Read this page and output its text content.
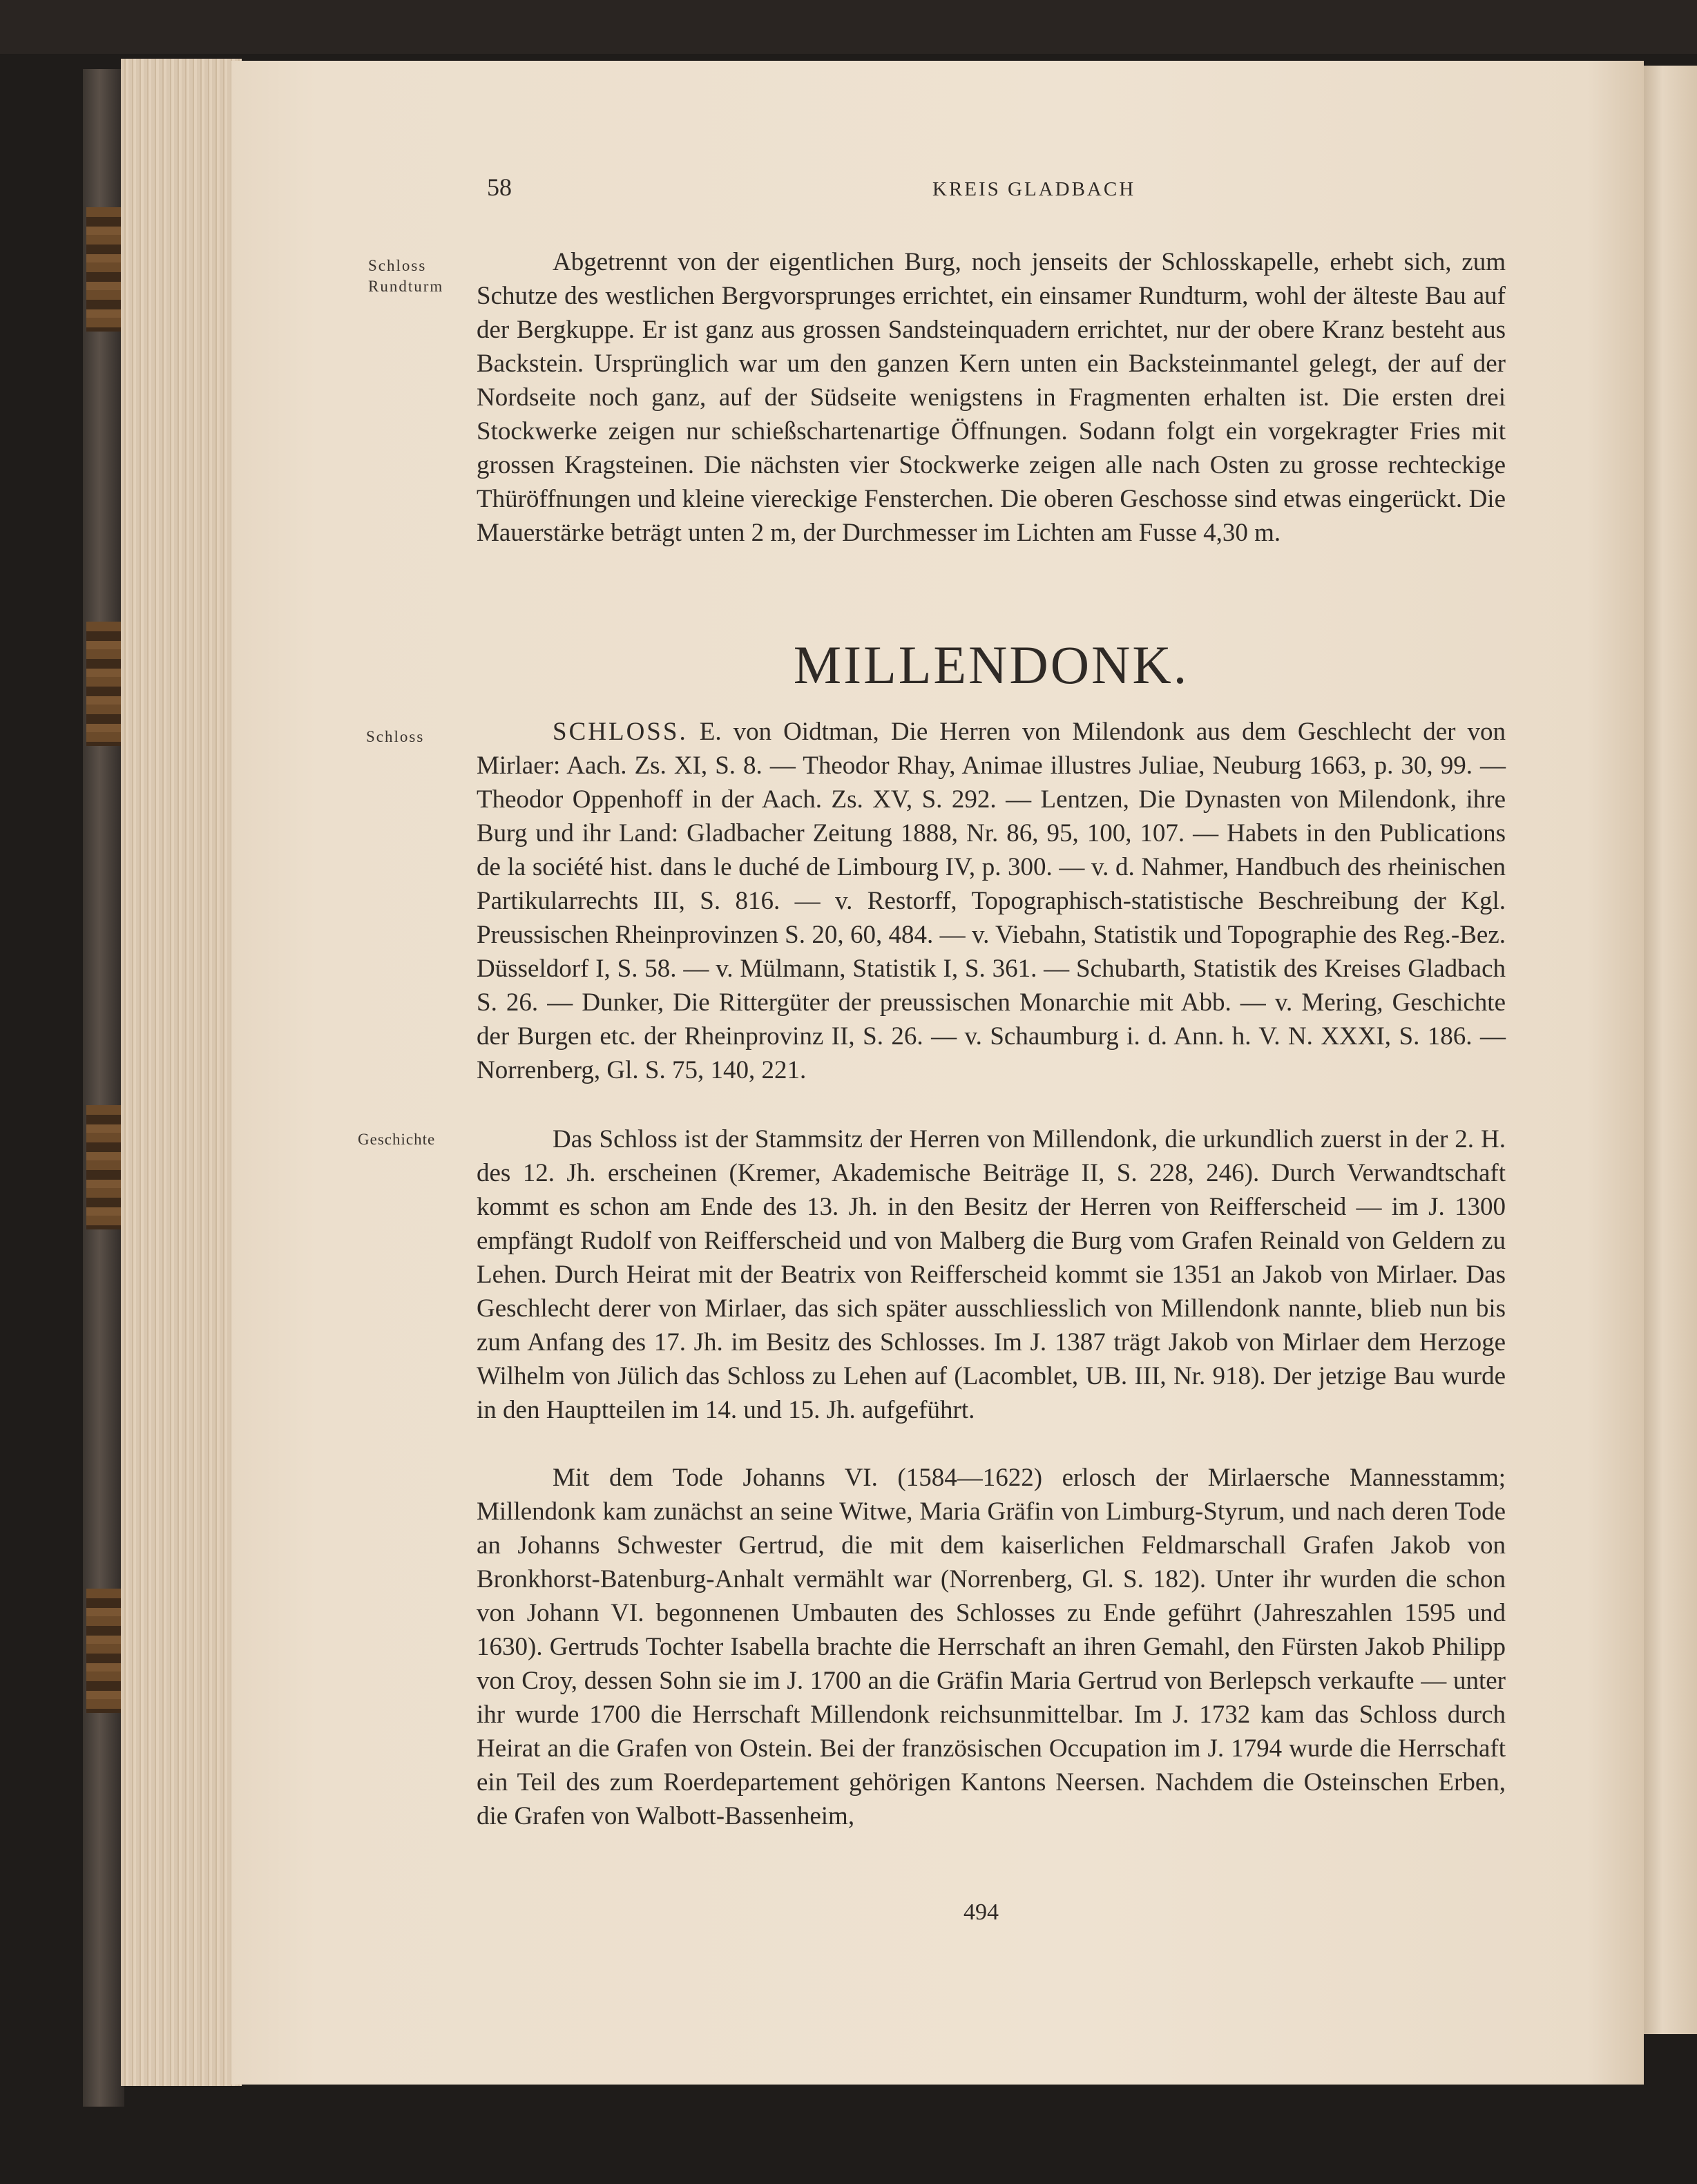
58	KREIS GLADBACH
Schloss
Rundturm
Schloss
Geschichte
Abgetrennt von der eigentlichen Burg, noch jenseits der Schlosskapelle, erhebt sich, zum Schutze des westlichen Bergvorsprunges errichtet, ein einsamer Rundturm, wohl der älteste Bau auf der Bergkuppe. Er ist ganz aus grossen Sandsteinquadern errichtet, nur der obere Kranz besteht aus Backstein. Ursprünglich war um den ganzen Kern unten ein Backsteinmantel gelegt, der auf der Nordseite noch ganz, auf der Südseite wenigstens in Fragmenten erhalten ist. Die ersten drei Stockwerke zeigen nur schießschartenartige Öffnungen. Sodann folgt ein vorgekragter Fries mit grossen Kragsteinen. Die nächsten vier Stockwerke zeigen alle nach Osten zu grosse rechteckige Thüröffnungen und kleine viereckige Fensterchen. Die oberen Geschosse sind etwas eingerückt. Die Mauerstärke beträgt unten 2 m, der Durchmesser im Lichten am Fusse 4,30 m.
MILLENDONK.
SCHLOSS. E. von Oidtman, Die Herren von Milendonk aus dem Geschlecht der von Mirlaer: Aach. Zs. XI, S. 8. — Theodor Rhay, Animae illustres Juliae, Neuburg 1663, p. 30, 99. — Theodor Oppenhoff in der Aach. Zs. XV, S. 292. — Lentzen, Die Dynasten von Milendonk, ihre Burg und ihr Land: Gladbacher Zeitung 1888, Nr. 86, 95, 100, 107. — Habets in den Publications de la société hist. dans le duché de Limbourg IV, p. 300. — v. d. Nahmer, Handbuch des rheinischen Partikularrechts III, S. 816. — v. Restorff, Topographisch-statistische Beschreibung der Kgl. Preussischen Rheinprovinzen S. 20, 60, 484. — v. Viebahn, Statistik und Topographie des Reg.-Bez. Düsseldorf I, S. 58. — v. Mülmann, Statistik I, S. 361. — Schubarth, Statistik des Kreises Gladbach S. 26. — Dunker, Die Rittergüter der preussischen Monarchie mit Abb. — v. Mering, Geschichte der Burgen etc. der Rheinprovinz II, S. 26. — v. Schaumburg i. d. Ann. h. V. N. XXXI, S. 186. — Norrenberg, Gl. S. 75, 140, 221.
Das Schloss ist der Stammsitz der Herren von Millendonk, die urkundlich zuerst in der 2. H. des 12. Jh. erscheinen (Kremer, Akademische Beiträge II, S. 228, 246). Durch Verwandtschaft kommt es schon am Ende des 13. Jh. in den Besitz der Herren von Reifferscheid — im J. 1300 empfängt Rudolf von Reifferscheid und von Malberg die Burg vom Grafen Reinald von Geldern zu Lehen. Durch Heirat mit der Beatrix von Reifferscheid kommt sie 1351 an Jakob von Mirlaer. Das Geschlecht derer von Mirlaer, das sich später ausschliesslich von Millendonk nannte, blieb nun bis zum Anfang des 17. Jh. im Besitz des Schlosses. Im J. 1387 trägt Jakob von Mirlaer dem Herzoge Wilhelm von Jülich das Schloss zu Lehen auf (Lacomblet, UB. III, Nr. 918). Der jetzige Bau wurde in den Hauptteilen im 14. und 15. Jh. aufgeführt.
Mit dem Tode Johanns VI. (1584—1622) erlosch der Mirlaersche Mannesstamm; Millendonk kam zunächst an seine Witwe, Maria Gräfin von Limburg-Styrum, und nach deren Tode an Johanns Schwester Gertrud, die mit dem kaiserlichen Feldmarschall Grafen Jakob von Bronkhorst-Batenburg-Anhalt vermählt war (Norrenberg, Gl. S. 182). Unter ihr wurden die schon von Johann VI. begonnenen Umbauten des Schlosses zu Ende geführt (Jahreszahlen 1595 und 1630). Gertruds Tochter Isabella brachte die Herrschaft an ihren Gemahl, den Fürsten Jakob Philipp von Croy, dessen Sohn sie im J. 1700 an die Gräfin Maria Gertrud von Berlepsch verkaufte — unter ihr wurde 1700 die Herrschaft Millendonk reichsunmittelbar. Im J. 1732 kam das Schloss durch Heirat an die Grafen von Ostein. Bei der französischen Occupation im J. 1794 wurde die Herrschaft ein Teil des zum Roerdepartement gehörigen Kantons Neersen. Nachdem die Osteinschen Erben, die Grafen von Walbott-Bassenheim,
494
